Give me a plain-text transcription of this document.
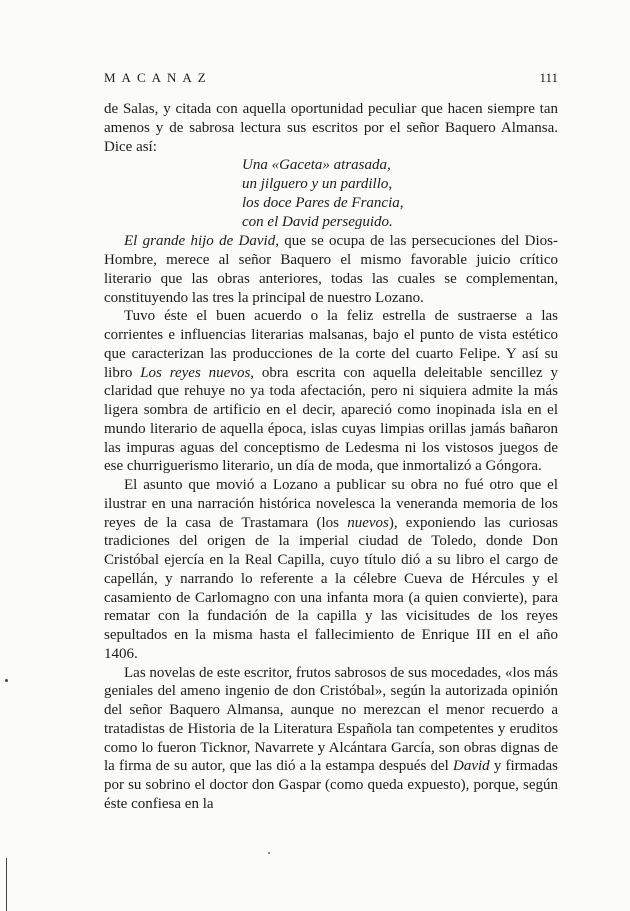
MACANAZ	111

de Salas, y citada con aquella oportunidad peculiar que hacen siempre tan amenos y de sabrosa lectura sus escritos por el señor Baquero Almansa. Dice así:

Una «Gaceta» atrasada,
un jilguero y un pardillo,
los doce Pares de Francia,
con el David perseguido.

El grande hijo de David, que se ocupa de las persecuciones del Dios-Hombre, merece al señor Baquero el mismo favorable juicio crítico literario que las obras anteriores, todas las cuales se complementan, constituyendo las tres la principal de nuestro Lozano.

Tuvo éste el buen acuerdo o la feliz estrella de sustraerse a las corrientes e influencias literarias malsanas, bajo el punto de vista estético que caracterizan las producciones de la corte del cuarto Felipe. Y así su libro Los reyes nuevos, obra escrita con aquella deleitable sencillez y claridad que rehuye no ya toda afectación, pero ni siquiera admite la más ligera sombra de artificio en el decir, apareció como inopinada isla en el mundo literario de aquella época, islas cuyas limpias orillas jamás bañaron las impuras aguas del conceptismo de Ledesma ni los vistosos juegos de ese churriguerismo literario, un día de moda, que inmortalizó a Góngora.

El asunto que movió a Lozano a publicar su obra no fué otro que el ilustrar en una narración histórica novelesca la veneranda memoria de los reyes de la casa de Trastamara (los nuevos), exponiendo las curiosas tradiciones del origen de la imperial ciudad de Toledo, donde Don Cristóbal ejercía en la Real Capilla, cuyo título dió a su libro el cargo de capellán, y narrando lo referente a la célebre Cueva de Hércules y el casamiento de Carlomagno con una infanta mora (a quien convierte), para rematar con la fundación de la capilla y las vicisitudes de los reyes sepultados en la misma hasta el fallecimiento de Enrique III en el año 1406.

Las novelas de este escritor, frutos sabrosos de sus mocedades, «los más geniales del ameno ingenio de don Cristóbal», según la autorizada opinión del señor Baquero Almansa, aunque no merezcan el menor recuerdo a tratadistas de Historia de la Literatura Española tan competentes y eruditos como lo fueron Ticknor, Navarrete y Alcántara García, son obras dignas de la firma de su autor, que las dió a la estampa después del David y firmadas por su sobrino el doctor don Gaspar (como queda expuesto), porque, según éste confiesa en la
